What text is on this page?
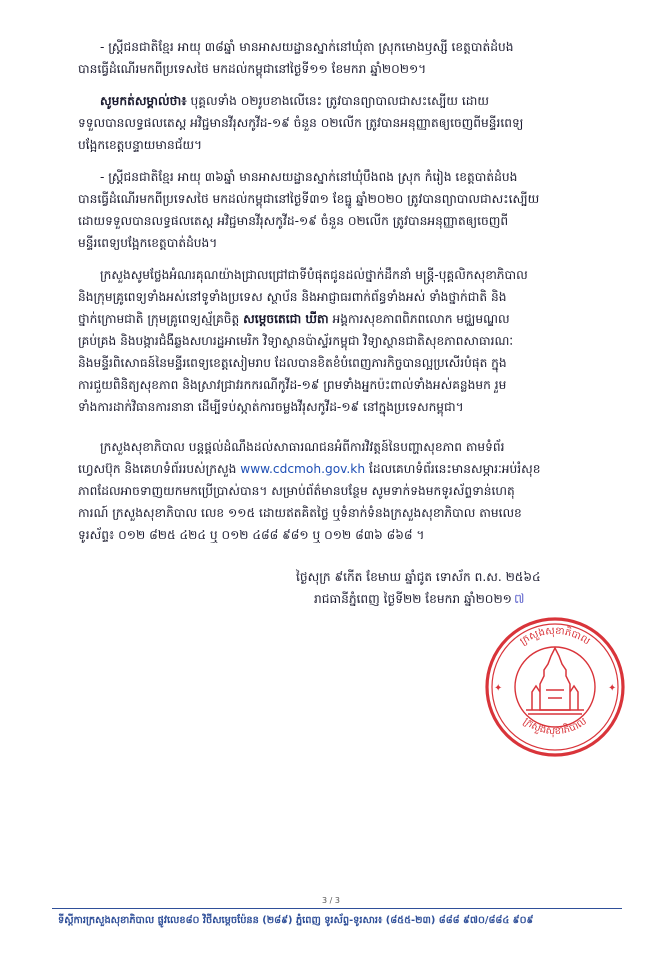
- ស្ត្រីជនជាតិខ្មែរ អាយុ ៣៨ឆ្នាំ មានអាសយដ្ឋានស្នាក់នៅឃុំតា ស្រុកមោងឫស្សី ខេត្តបាត់ដំបង
បានធ្វើដំណើរមកពីប្រទេសថៃ មកដល់កម្ពុជានៅថ្ងៃទី១១ ខែមករា ឆ្នាំ២០២១។
សូមកត់សម្គាល់ថា៖ បុគ្គលទាំង ០២រូបខាងលើនេះ ត្រូវបានព្យាបាលជាសះស្បើយ ដោយ
ទទួលបានលទ្ធផលតេស្ត អវិជ្ជមានវីរុសកូវីដ-១៩ ចំនួន ០២លើក ត្រូវបានអនុញ្ញាតឲ្យចេញពីមន្ទីរពេទ្យ
បង្អែកខេត្តបន្ទាយមានជ័យ។
- ស្ត្រីជនជាតិខ្មែរ អាយុ ៣៦ឆ្នាំ មានអាសយដ្ឋានស្នាក់នៅឃុំបឹងពង ស្រុក កំរៀង ខេត្តបាត់ដំបង
បានធ្វើដំណើរមកពីប្រទេសថៃ មកដល់កម្ពុជានៅថ្ងៃទី៣១ ខែធ្នូ ឆ្នាំ២០២០ ត្រូវបានព្យាបាលជាសះស្បើយ
ដោយទទួលបានលទ្ធផលតេស្ត អវិជ្ជមានវីរុសកូវីដ-១៩ ចំនួន ០២លើក ត្រូវបានអនុញ្ញាតឲ្យចេញពី
មន្ទីរពេទ្យបង្អែកខេត្តបាត់ដំបង។
ក្រសួងសូមថ្លែងអំណរគុណយ៉ាងជ្រាលជ្រៅជាទីបំផុតជូនដល់ថ្នាក់ដឹកនាំ មន្ត្រី-បុគ្គលិកសុខាភិបាល
និងក្រុមគ្រូពេទ្យទាំងអស់នៅទូទាំងប្រទេស ស្ថាប័ន និងអាជ្ញាធរពាក់ព័ន្ធទាំងអស់ ទាំងថ្នាក់ជាតិ និង
ថ្នាក់ក្រោមជាតិ ក្រុមគ្រូពេទ្យស្ម័គ្រចិត្ត សម្តេចតេជោ ឃីតា អង្គការសុខភាពពិភពលោក មជ្ឈមណ្ឌល
គ្រប់គ្រង និងបង្ការជំងឺឆ្លងសហរដ្ឋអាមេរិក វិទ្យាស្ថានប៉ាស្ទ័រកម្ពុជា វិទ្យាស្ថានជាតិសុខភាពសាធារណៈ
និងមន្ទីរពិសោធន៍នៃមន្ទីរពេទ្យខេត្តសៀមរាប ដែលបានខិតខំបំពេញភារកិច្ចបានល្អប្រសើរបំផុត ក្នុង
ការជួយពិនិត្យសុខភាព និងស្រាវជ្រាវរកករណីកូវីដ-១៩ ព្រមទាំងអ្នកប៉ះពាល់ទាំងអស់គន្លងមក រួម
ទាំងការដាក់វិធានការនានា ដើម្បីទប់ស្កាត់ការចម្លងវីរុសកូវីដ-១៩ នៅក្នុងប្រទេសកម្ពុជា។
ក្រសួងសុខាភិបាល បន្តផ្តល់ដំណឹងដល់សាធារណជនអំពីការវិវត្តន៍នៃបញ្ហាសុខភាព តាមទំព័រ
ហ្វេសប៊ុក និងគេហទំព័ររបស់ក្រសួង www.cdcmoh.gov.kh ដែលគេហទំព័រនេះមានសម្ភារៈអប់រំសុខ
ភាពដែលអាចទាញយកមកប្រើប្រាស់បាន។ សម្រាប់ព័ត៌មានបន្ថែម សូមទាក់ទងមកទូរស័ព្ទទាន់ហេតុ
ការណ៍ ក្រសួងសុខាភិបាល លេខ ១១៥ ដោយឥតគិតថ្លៃ ឬទំនាក់ទំនងក្រសួងសុខាភិបាល តាមលេខ
ទូរស័ព្ទ៖ ០១២ ៨២៥ ៤២៤ ឬ ០១២ ៤៨៨ ៩៨១ ឬ ០១២ ៨៣៦ ៨៦៨ ។
ថ្ងៃសុក្រ ៩កើត ខែមាឃ ឆ្នាំជូត ទោស័ក ព.ស. ២៥៦៤
រាជធានីភ្នំពេញ ថ្ងៃទី២២ ខែមករា ឆ្នាំ២០២១ ៧
ក្រសួងសុខាភិបាល
ក្រសួងសុខាភិបាល
✦	✦
3 / 3
ទីស្តីការក្រសួងសុខាភិបាល ផ្លូវលេខ៨០ វិថីសម្តេចប៉ែនន (២៨៩) ភ្នំពេញ ទូរស័ព្ទ-ទូរសារ៖ (៨៥៥-២៣) ៨៨៨ ៩៧០/៨៨៤ ៩០៩
